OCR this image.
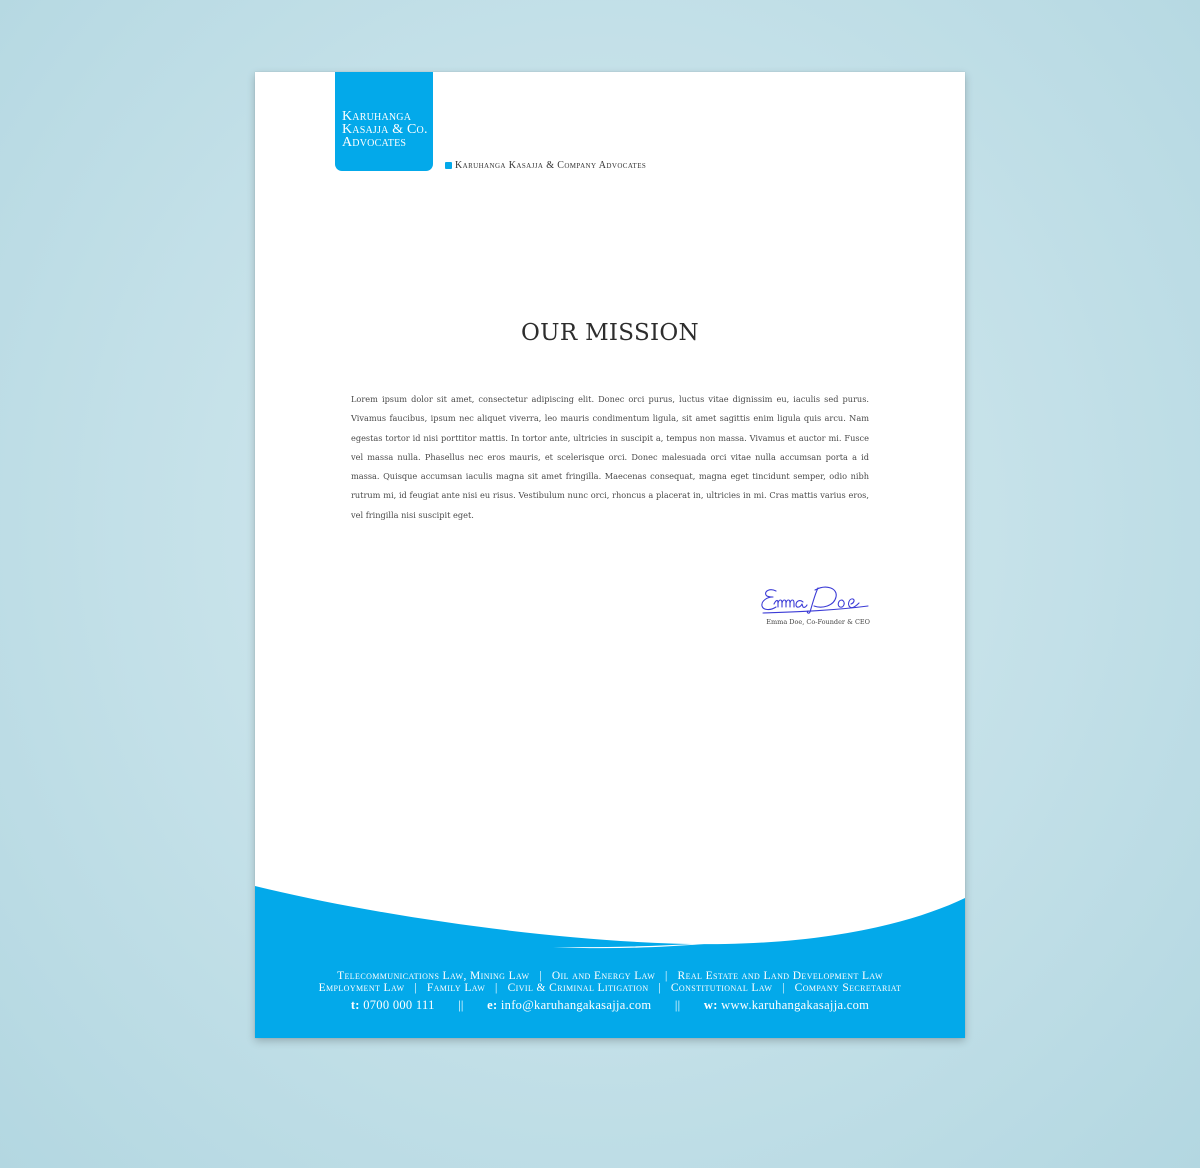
Karuhanga
Kasajja & Co.
Advocates
Karuhanga Kasajja & Company Advocates
OUR MISSION

Lorem ipsum dolor sit amet, consectetur adipiscing elit. Donec orci purus, luctus vitae dignissim eu, iaculis sed purus. Vivamus faucibus, ipsum nec aliquet viverra, leo mauris condimentum ligula, sit amet sagittis enim ligula quis arcu. Nam egestas tortor id nisi porttitor mattis. In tortor ante, ultricies in suscipit a, tempus non massa. Vivamus et auctor mi. Fusce vel massa nulla. Phasellus nec eros mauris, et scelerisque orci. Donec malesuada orci vitae nulla accumsan porta a id massa. Quisque accumsan iaculis magna sit amet fringilla. Maecenas consequat, magna eget tincidunt semper, odio nibh rutrum mi, id feugiat ante nisi eu risus. Vestibulum nunc orci, rhoncus a placerat in, ultricies in mi. Cras mattis varius eros, vel fringilla nisi suscipit eget.

Emma Doe, Co-Founder & CEO
Telecommunications Law, Mining Law   |   Oil and Energy Law   |   Real Estate and Land Development Law
Employment Law   |   Family Law   |   Civil & Criminal Litigation   |   Constitutional Law   |   Company Secretariat
t: 0700 000 111 || e: info@karuhangakasajja.com || w: www.karuhangakasajja.com
